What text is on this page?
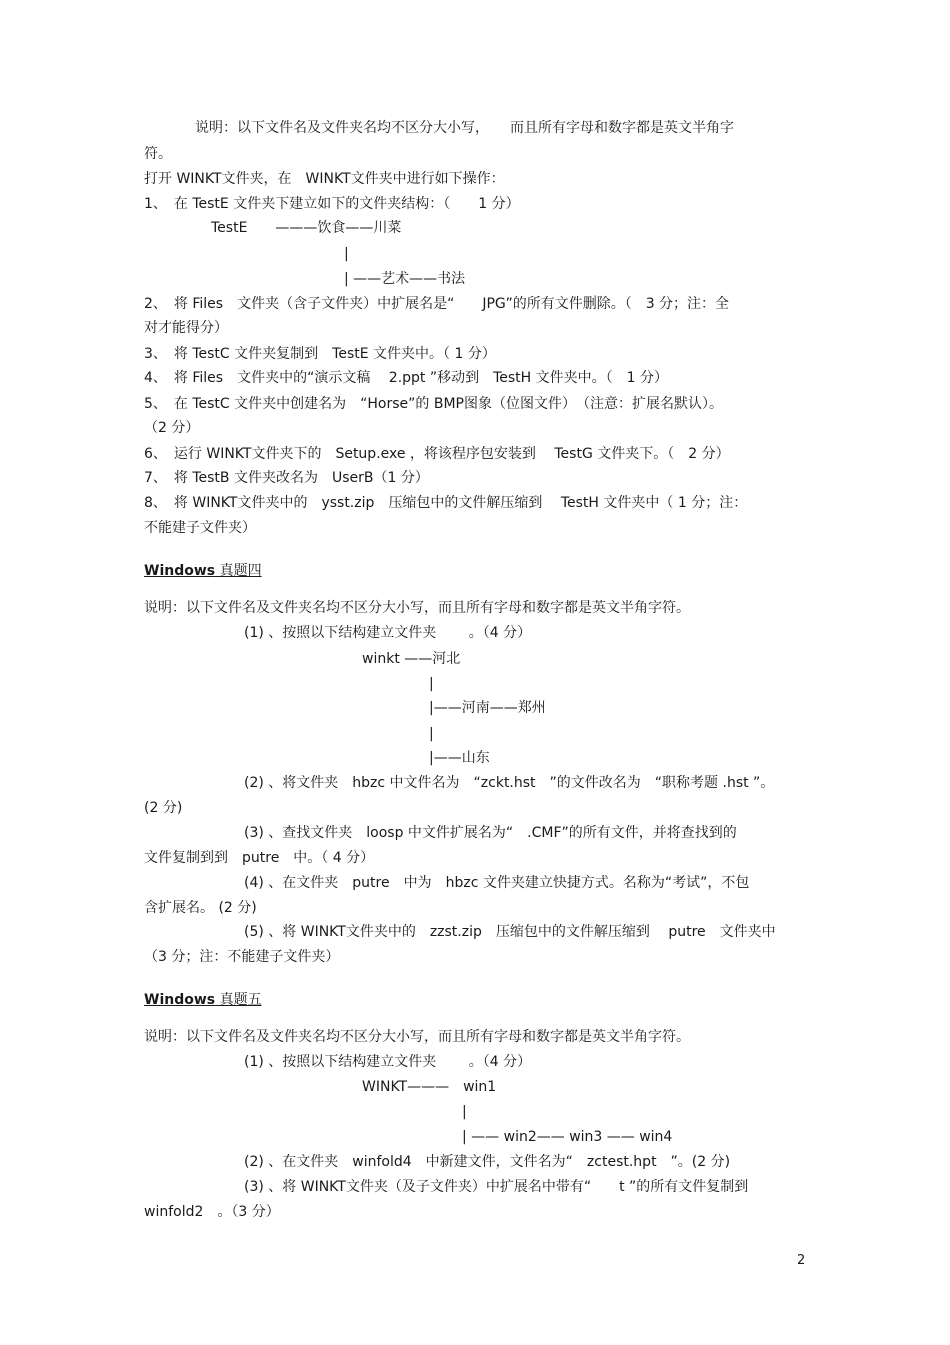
说明：以下文件名及文件夹名均不区分大小写，　　而且所有字母和数字都是英文半角字
符。
打开 WINKT文件夹，在　WINKT文件夹中进行如下操作：
1、　在 TestE 文件夹下建立如下的文件夹结构：（　　1 分）
TestE　　———饮食——川菜
|
| ——艺术——书法
2、　将 Files　文件夹（含子文件夹）中扩展名是“　　JPG”的所有文件删除。（　3 分；注：全
对才能得分）
3、　将 TestC 文件夹复制到　TestE 文件夹中。（ 1 分）
4、　将 Files　文件夹中的“演示文稿　 2.ppt ”移动到　TestH 文件夹中。（　1 分）
5、　在 TestC 文件夹中创建名为　“Horse”的 BMP图象（位图文件）　（注意：扩展名默认）。
（2 分）
6、　运行 WINKT文件夹下的　Setup.exe ，将该程序包安装到　 TestG 文件夹下。（　2 分）
7、　将 TestB 文件夹改名为　UserB（1 分）
8、　将 WINKT文件夹中的　ysst.zip　压缩包中的文件解压缩到　 TestH 文件夹中（ 1 分；注：
不能建子文件夹）
Windows 真题四
说明：以下文件名及文件夹名均不区分大小写，而且所有字母和数字都是英文半角字符。
(1) 、按照以下结构建立文件夹　　 。（4 分）
winkt ——河北
|
|——河南——郑州
|
|——山东
(2) 、将文件夹　hbzc 中文件名为　“zckt.hst　”的文件改名为　“职称考题 .hst ”。
(2 分)
(3) 、查找文件夹　loosp 中文件扩展名为“　.CMF”的所有文件，并将查找到的
文件复制到到　putre　中。（ 4 分）
(4) 、在文件夹　putre　中为　hbzc 文件夹建立快捷方式。名称为“考试”，不包
含扩展名。 (2 分)
(5) 、将 WINKT文件夹中的　zzst.zip　压缩包中的文件解压缩到　 putre　文件夹中
（3 分；注：不能建子文件夹）
Windows 真题五
说明：以下文件名及文件夹名均不区分大小写，而且所有字母和数字都是英文半角字符。
(1) 、按照以下结构建立文件夹　　 。（4 分）
WINKT———　win1
|
| —— win2—— win3 —— win4
(2) 、在文件夹　winfold4　中新建文件，文件名为“　zctest.hpt　”。(2 分)
(3) 、将 WINKT文件夹（及子文件夹）中扩展名中带有“　　t ”的所有文件复制到
winfold2　。（3 分）
2
